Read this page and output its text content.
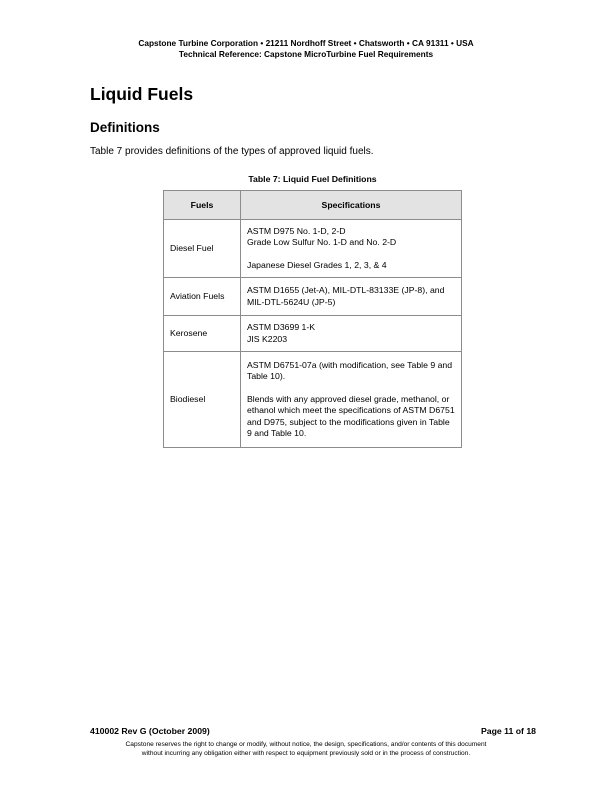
Capstone Turbine Corporation • 21211 Nordhoff Street • Chatsworth • CA 91311 • USA
Technical Reference: Capstone MicroTurbine Fuel Requirements
Liquid Fuels
Definitions
Table 7 provides definitions of the types of approved liquid fuels.
Table 7: Liquid Fuel Definitions
Fuels	Specifications
Diesel Fuel	ASTM D975 No. 1-D, 2-D
Grade Low Sulfur No. 1-D and No. 2-D
Japanese Diesel Grades 1, 2, 3, & 4

Aviation Fuels	ASTM D1655 (Jet-A), MIL-DTL-83133E (JP-8), and MIL-DTL-5624U (JP-5)

Kerosene	ASTM D3699 1-K
JIS K2203

Biodiesel	ASTM D6751-07a (with modification, see Table 9 and Table 10).
Blends with any approved diesel grade, methanol, or ethanol which meet the specifications of ASTM D6751 and D975, subject to the modifications given in Table 9 and Table 10.
410002 Rev G (October 2009)	Page 11 of 18
Capstone reserves the right to change or modify, without notice, the design, specifications, and/or contents of this document
without incurring any obligation either with respect to equipment previously sold or in the process of construction.
